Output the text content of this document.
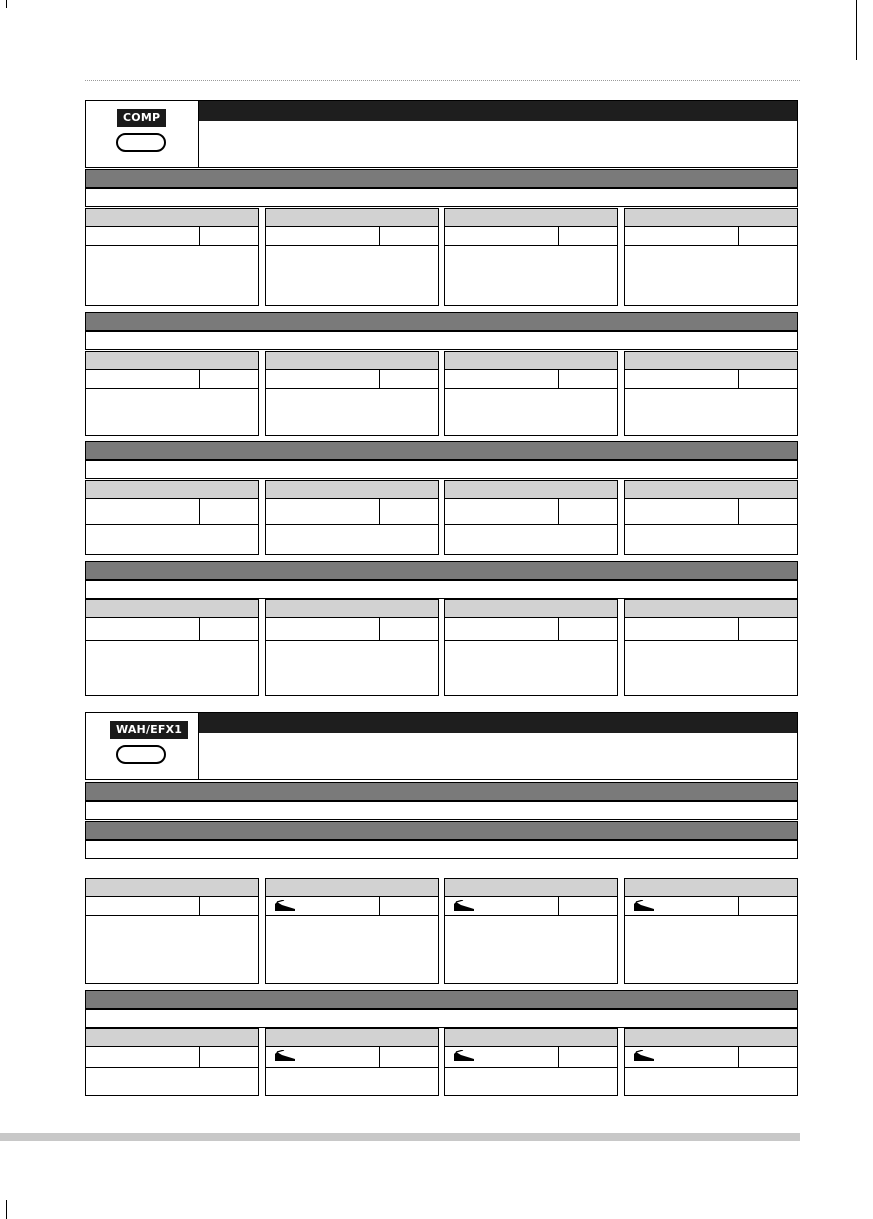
COMP
WAH/EFX1
